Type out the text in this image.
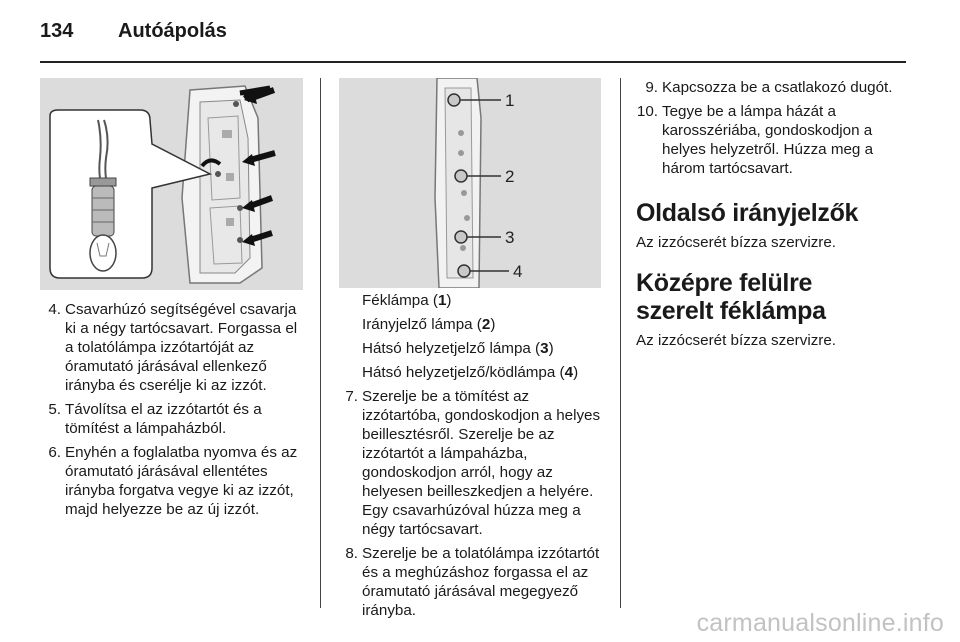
134	Autóápolás
1
2
3
4
4. Csavarhúzó segítségével csavarja ki a négy tartócsavart. Forgassa el a tolatólámpa izzótartóját az óramutató járásával ellenkező irányba és cserélje ki az izzót.
5. Távolítsa el az izzótartót és a tömítést a lámpaházból.
6. Enyhén a foglalatba nyomva és az óramutató járásával ellentétes irányba forgatva vegye ki az izzót, majd helyezze be az új izzót.
Féklámpa (1)
Irányjelző lámpa (2)
Hátsó helyzetjelző lámpa (3)
Hátsó helyzetjelző/ködlámpa (4)
7. Szerelje be a tömítést az izzótartóba, gondoskodjon a helyes beillesztésről. Szerelje be az izzótartót a lámpaházba, gondoskodjon arról, hogy az helyesen beilleszkedjen a helyére. Egy csavarhúzóval húzza meg a négy tartócsavart.
8. Szerelje be a tolatólámpa izzótartót és a meghúzáshoz forgassa el az óramutató járásával megegyező irányba.
9. Kapcsozza be a csatlakozó dugót.
10. Tegye be a lámpa házát a karosszériába, gondoskodjon a helyes helyzetről. Húzza meg a három tartócsavart.
Oldalsó irányjelzők
Az izzócserét bízza szervizre.
Középre felülre szerelt féklámpa
Az izzócserét bízza szervizre.
carmanualsonline.info
